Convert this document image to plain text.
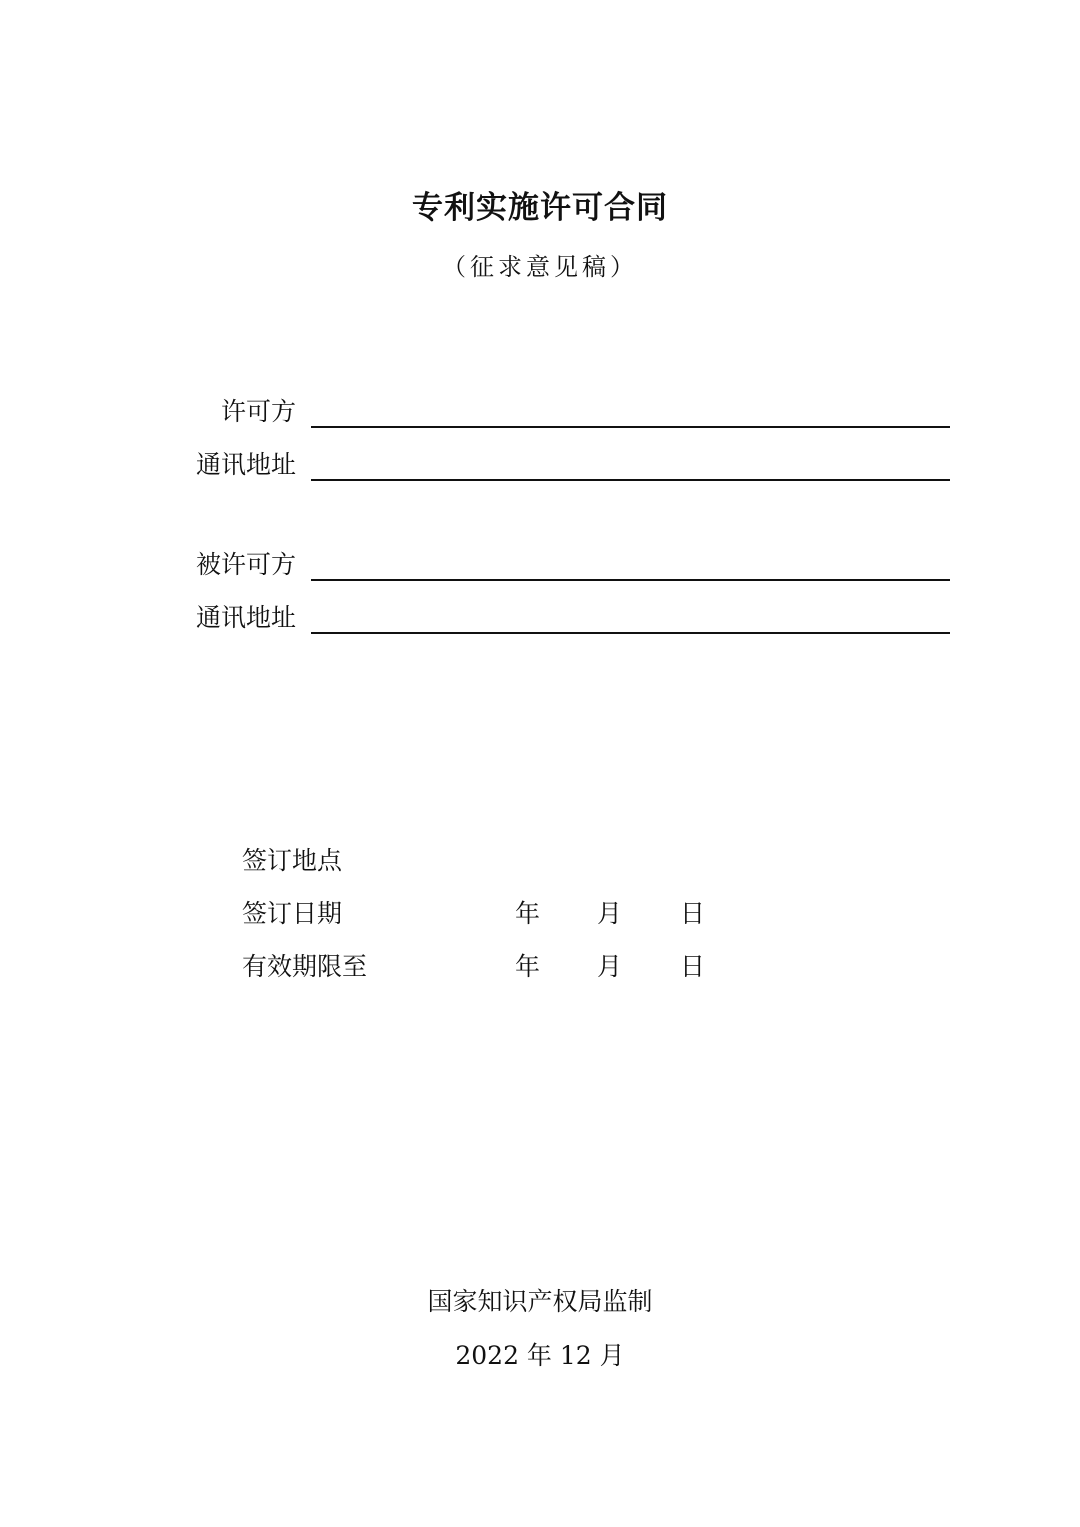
专利实施许可合同
（征求意见稿）
许可方
通讯地址
被许可方
通讯地址
签订地点
签订日期	年 月 日
有效期限至	年 月 日
国家知识产权局监制
2022 年 12 月
